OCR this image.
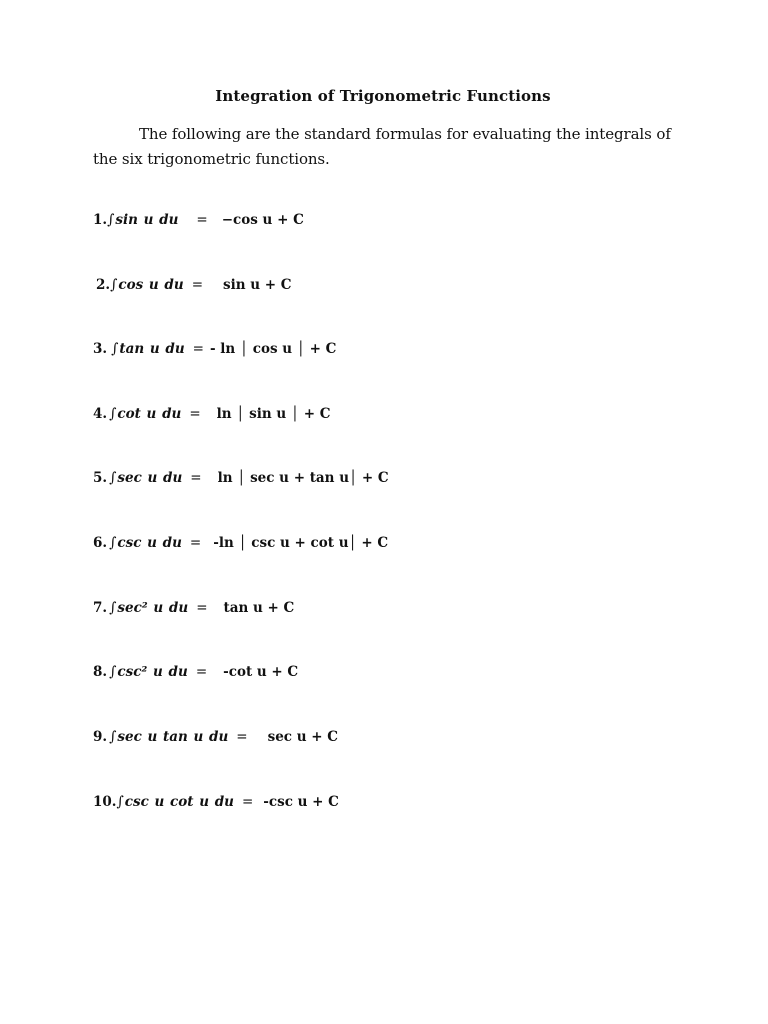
Integration of Trigonometric Functions
The following are the standard formulas for evaluating the integrals of
the six trigonometric functions.
1.∫sin u du = −cos u + C
2.∫cos u du = sin u + C
3. ∫tan u du = - ln │ cos u │ + C
4. ∫cot u du = ln │ sin u │ + C
5. ∫sec u du = ln │ sec u + tan u│ + C
6. ∫csc u du = -ln │ csc u + cot u│ + C
7. ∫sec² u du = tan u + C
8. ∫csc² u du = -cot u + C
9. ∫sec u tan u du = sec u + C
10.∫csc u cot u du = -csc u + C
